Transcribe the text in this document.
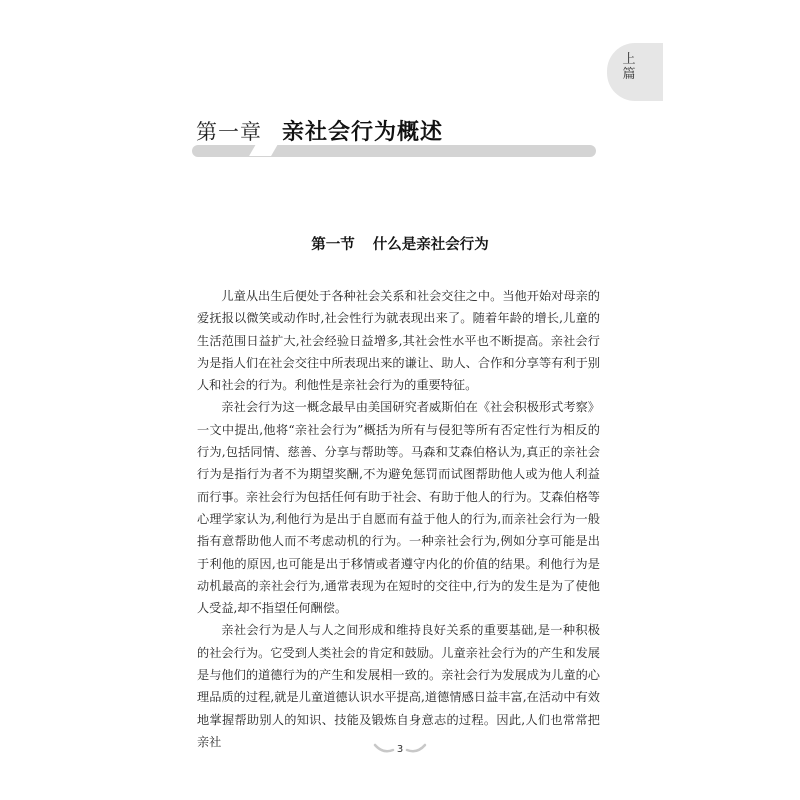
上
篇
第一章 亲社会行为概述
第一节 什么是亲社会行为

儿童从出生后便处于各种社会关系和社会交往之中。当他开始对母亲的爱抚报以微笑或动作时,社会性行为就表现出来了。随着年龄的增长,儿童的生活范围日益扩大,社会经验日益增多,其社会性水平也不断提高。亲社会行为是指人们在社会交往中所表现出来的谦让、助人、合作和分享等有利于别人和社会的行为。利他性是亲社会行为的重要特征。

亲社会行为这一概念最早由美国研究者威斯伯在《社会积极形式考察》一文中提出,他将“亲社会行为”概括为所有与侵犯等所有否定性行为相反的行为,包括同情、慈善、分享与帮助等。马森和艾森伯格认为,真正的亲社会行为是指行为者不为期望奖酬,不为避免惩罚而试图帮助他人或为他人利益而行事。亲社会行为包括任何有助于社会、有助于他人的行为。艾森伯格等心理学家认为,利他行为是出于自愿而有益于他人的行为,而亲社会行为一般指有意帮助他人而不考虑动机的行为。一种亲社会行为,例如分享可能是出于利他的原因,也可能是出于移情或者遵守内化的价值的结果。利他行为是动机最高的亲社会行为,通常表现为在短时的交往中,行为的发生是为了使他人受益,却不指望任何酬偿。

亲社会行为是人与人之间形成和维持良好关系的重要基础,是一种积极的社会行为。它受到人类社会的肯定和鼓励。儿童亲社会行为的产生和发展是与他们的道德行为的产生和发展相一致的。亲社会行为发展成为儿童的心理品质的过程,就是儿童道德认识水平提高,道德情感日益丰富,在活动中有效地掌握帮助别人的知识、技能及锻炼自身意志的过程。因此,人们也常常把亲社

3
